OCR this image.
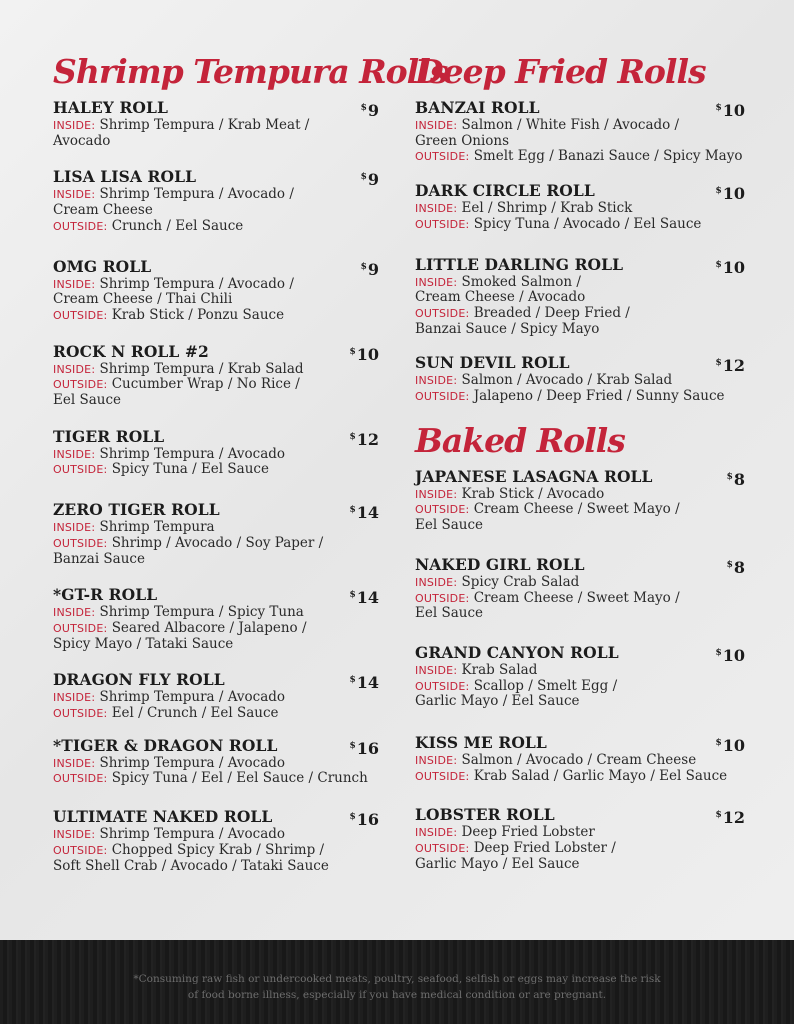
Shrimp Tempura Rolls
HALEY ROLL	$9
INSIDE: Shrimp Tempura / Krab Meat /
Avocado
LISA LISA ROLL	$9
INSIDE: Shrimp Tempura / Avocado /
Cream Cheese
OUTSIDE: Crunch / Eel Sauce
OMG ROLL	$9
INSIDE: Shrimp Tempura / Avocado /
Cream Cheese / Thai Chili
OUTSIDE: Krab Stick / Ponzu Sauce
ROCK N ROLL #2	$10
INSIDE: Shrimp Tempura / Krab Salad
OUTSIDE: Cucumber Wrap / No Rice /
Eel Sauce
TIGER ROLL	$12
INSIDE: Shrimp Tempura / Avocado
OUTSIDE: Spicy Tuna / Eel Sauce
ZERO TIGER ROLL	$14
INSIDE: Shrimp Tempura
OUTSIDE: Shrimp / Avocado / Soy Paper /
Banzai Sauce
*GT-R ROLL	$14
INSIDE: Shrimp Tempura / Spicy Tuna
OUTSIDE: Seared Albacore / Jalapeno /
Spicy Mayo / Tataki Sauce
DRAGON FLY ROLL	$14
INSIDE: Shrimp Tempura / Avocado
OUTSIDE: Eel / Crunch / Eel Sauce
*TIGER & DRAGON ROLL	$16
INSIDE: Shrimp Tempura / Avocado
OUTSIDE: Spicy Tuna / Eel / Eel Sauce / Crunch
ULTIMATE NAKED ROLL	$16
INSIDE: Shrimp Tempura / Avocado
OUTSIDE: Chopped Spicy Krab / Shrimp /
Soft Shell Crab / Avocado / Tataki Sauce
Deep Fried Rolls
BANZAI ROLL	$10
INSIDE: Salmon / White Fish / Avocado /
Green Onions
OUTSIDE: Smelt Egg / Banazi Sauce / Spicy Mayo
DARK CIRCLE ROLL	$10
INSIDE: Eel / Shrimp / Krab Stick
OUTSIDE: Spicy Tuna / Avocado / Eel Sauce
LITTLE DARLING ROLL	$10
INSIDE: Smoked Salmon /
Cream Cheese / Avocado
OUTSIDE: Breaded / Deep Fried /
Banzai Sauce / Spicy Mayo
SUN DEVIL ROLL	$12
INSIDE: Salmon / Avocado / Krab Salad
OUTSIDE: Jalapeno / Deep Fried / Sunny Sauce
Baked Rolls
JAPANESE LASAGNA ROLL	$8
INSIDE: Krab Stick / Avocado
OUTSIDE: Cream Cheese / Sweet Mayo /
Eel Sauce
NAKED GIRL ROLL	$8
INSIDE: Spicy Crab Salad
OUTSIDE: Cream Cheese / Sweet Mayo /
Eel Sauce
GRAND CANYON ROLL	$10
INSIDE: Krab Salad
OUTSIDE: Scallop / Smelt Egg /
Garlic Mayo / Eel Sauce
KISS ME ROLL	$10
INSIDE: Salmon / Avocado / Cream Cheese
OUTSIDE: Krab Salad / Garlic Mayo / Eel Sauce
LOBSTER ROLL	$12
INSIDE: Deep Fried Lobster
OUTSIDE: Deep Fried Lobster /
Garlic Mayo / Eel Sauce
*Consuming raw fish or undercooked meats, poultry, seafood, selfish or eggs may increase the risk
of food borne illness, especially if you have medical condition or are pregnant.
